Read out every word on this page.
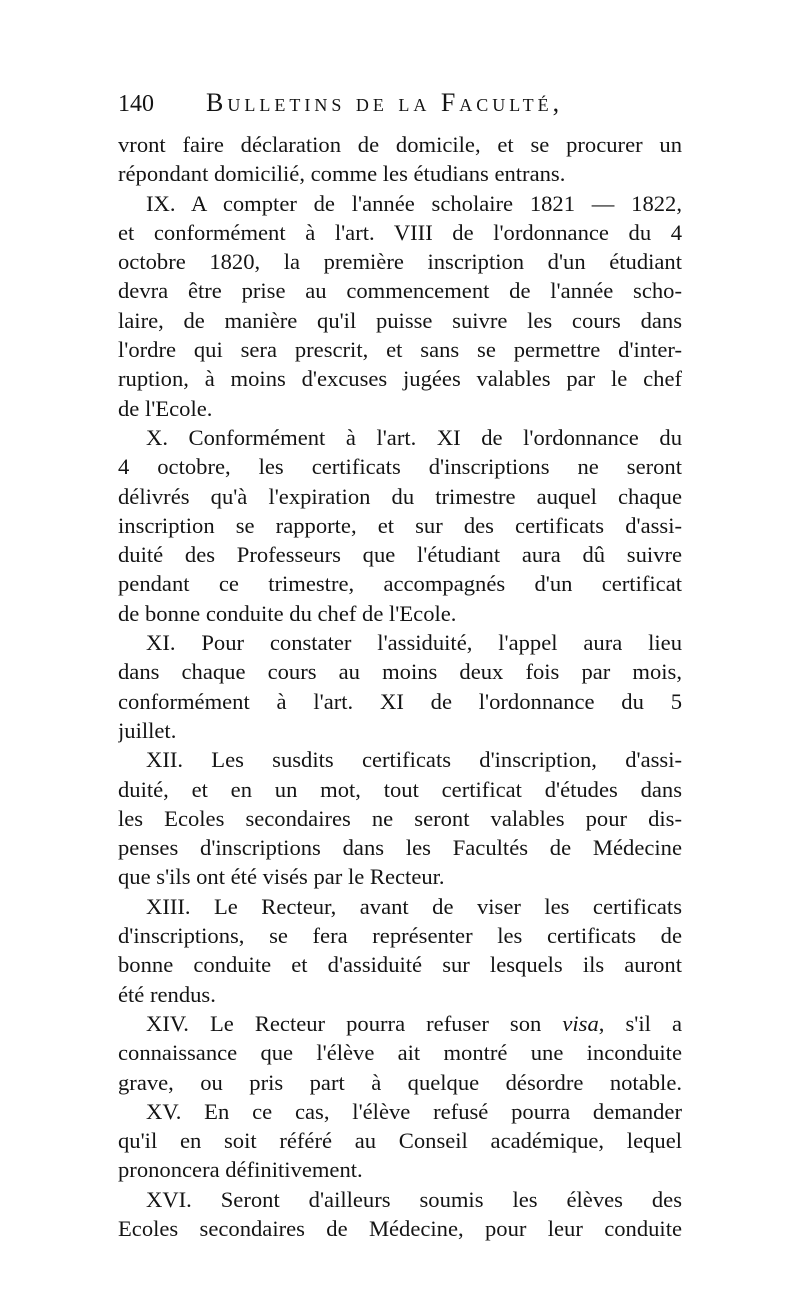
140	Bulletins de la Faculté,
vront faire déclaration de domicile, et se procurer un
répondant domicilié, comme les étudians entrans.
IX. A compter de l'année scholaire 1821 — 1822,
et conformément à l'art. VIII de l'ordonnance du 4
octobre 1820, la première inscription d'un étudiant
devra être prise au commencement de l'année scho-
laire, de manière qu'il puisse suivre les cours dans
l'ordre qui sera prescrit, et sans se permettre d'inter-
ruption, à moins d'excuses jugées valables par le chef
de l'Ecole.
X. Conformément à l'art. XI de l'ordonnance du
4 octobre, les certificats d'inscriptions ne seront
délivrés qu'à l'expiration du trimestre auquel chaque
inscription se rapporte, et sur des certificats d'assi-
duité des Professeurs que l'étudiant aura dû suivre
pendant ce trimestre, accompagnés d'un certificat
de bonne conduite du chef de l'Ecole.
XI. Pour constater l'assiduité, l'appel aura lieu
dans chaque cours au moins deux fois par mois,
conformément à l'art. XI de l'ordonnance du 5
juillet.
XII. Les susdits certificats d'inscription, d'assi-
duité, et en un mot, tout certificat d'études dans
les Ecoles secondaires ne seront valables pour dis-
penses d'inscriptions dans les Facultés de Médecine
que s'ils ont été visés par le Recteur.
XIII. Le Recteur, avant de viser les certificats
d'inscriptions, se fera représenter les certificats de
bonne conduite et d'assiduité sur lesquels ils auront
été rendus.
XIV. Le Recteur pourra refuser son visa, s'il a
connaissance que l'élève ait montré une inconduite
grave, ou pris part à quelque désordre notable.
XV. En ce cas, l'élève refusé pourra demander
qu'il en soit référé au Conseil académique, lequel
prononcera définitivement.
XVI. Seront d'ailleurs soumis les élèves des
Ecoles secondaires de Médecine, pour leur conduite
